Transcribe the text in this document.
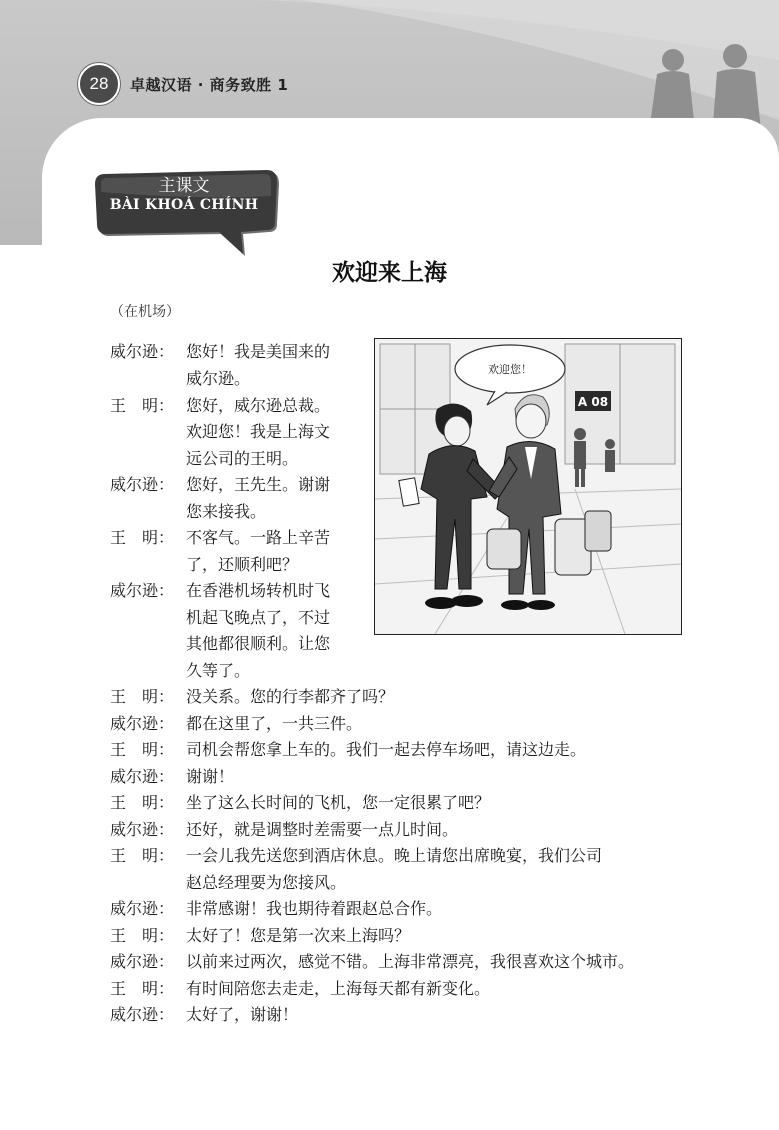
28	卓越汉语 · 商务致胜 1
主课文
BÀI KHOÁ CHÍNH
欢迎来上海
（在机场）
欢迎您！
A 08
威尔逊： 您好！我是美国来的
威尔逊。
王　明： 您好，威尔逊总裁。
欢迎您！我是上海文
远公司的王明。
威尔逊： 您好，王先生。谢谢
您来接我。
王　明： 不客气。一路上辛苦
了，还顺利吧？
威尔逊： 在香港机场转机时飞
机起飞晚点了，不过
其他都很顺利。让您
久等了。
王　明： 没关系。您的行李都齐了吗？
威尔逊： 都在这里了，一共三件。
王　明： 司机会帮您拿上车的。我们一起去停车场吧，请这边走。
威尔逊： 谢谢！
王　明： 坐了这么长时间的飞机，您一定很累了吧？
威尔逊： 还好，就是调整时差需要一点儿时间。
王　明： 一会儿我先送您到酒店休息。晚上请您出席晚宴，我们公司
赵总经理要为您接风。
威尔逊： 非常感谢！我也期待着跟赵总合作。
王　明： 太好了！您是第一次来上海吗？
威尔逊： 以前来过两次，感觉不错。上海非常漂亮，我很喜欢这个城市。
王　明： 有时间陪您去走走，上海每天都有新变化。
威尔逊： 太好了，谢谢！
